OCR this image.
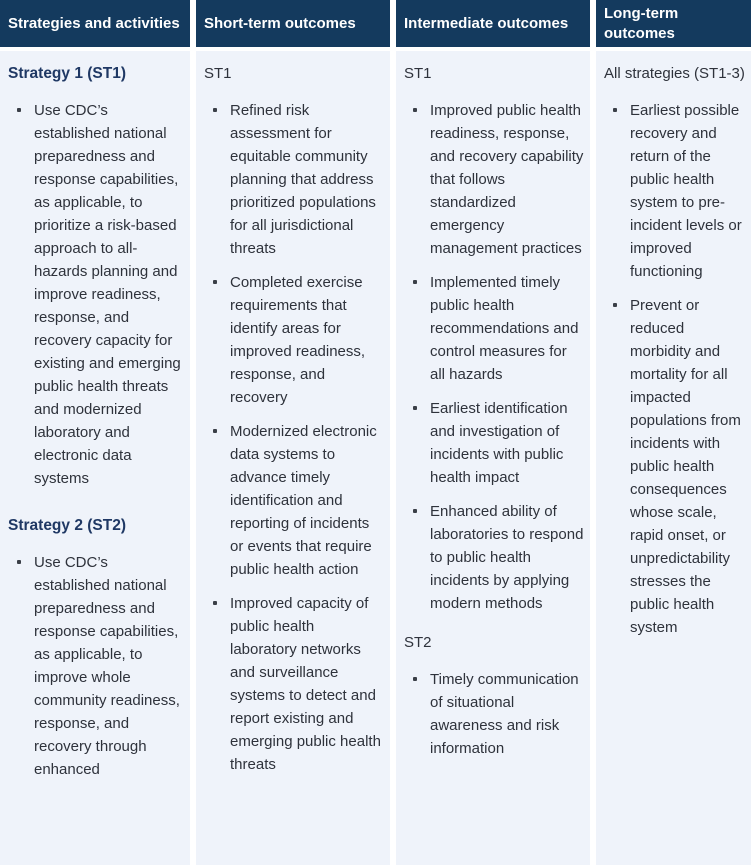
Strategies and activities Short-term outcomes	Intermediate outcomes
Long-term outcomes
Strategy 1 (ST1)
Use CDC’s established national preparedness and response capabilities, as applicable, to prioritize a risk-based approach to all-hazards planning and improve readiness, response, and recovery capacity for existing and emerging public health threats and modernized laboratory and electronic data systems
Strategy 2 (ST2)
Use CDC’s established national preparedness and response capabilities, as applicable, to improve whole community readiness, response, and recovery through enhanced
ST1
Refined risk assessment for equitable community planning that address prioritized populations for all jurisdictional threats
Completed exercise requirements that identify areas for improved readiness, response, and recovery
Modernized electronic data systems to advance timely identification and reporting of incidents or events that require public health action
Improved capacity of public health laboratory networks and surveillance systems to detect and report existing and emerging public health threats
ST1
Improved public health readiness, response, and recovery capability that follows standardized emergency management practices
Implemented timely public health recommendations and control measures for all hazards
Earliest identification and investigation of incidents with public health impact
Enhanced ability of laboratories to respond to public health incidents by applying modern methods
ST2
Timely communication of situational awareness and risk information
All strategies (ST1-3)
Earliest possible recovery and return of the public health system to pre-incident levels or improved functioning
Prevent or reduced morbidity and mortality for all impacted populations from incidents with public health consequences whose scale, rapid onset, or unpredictability stresses the public health system
